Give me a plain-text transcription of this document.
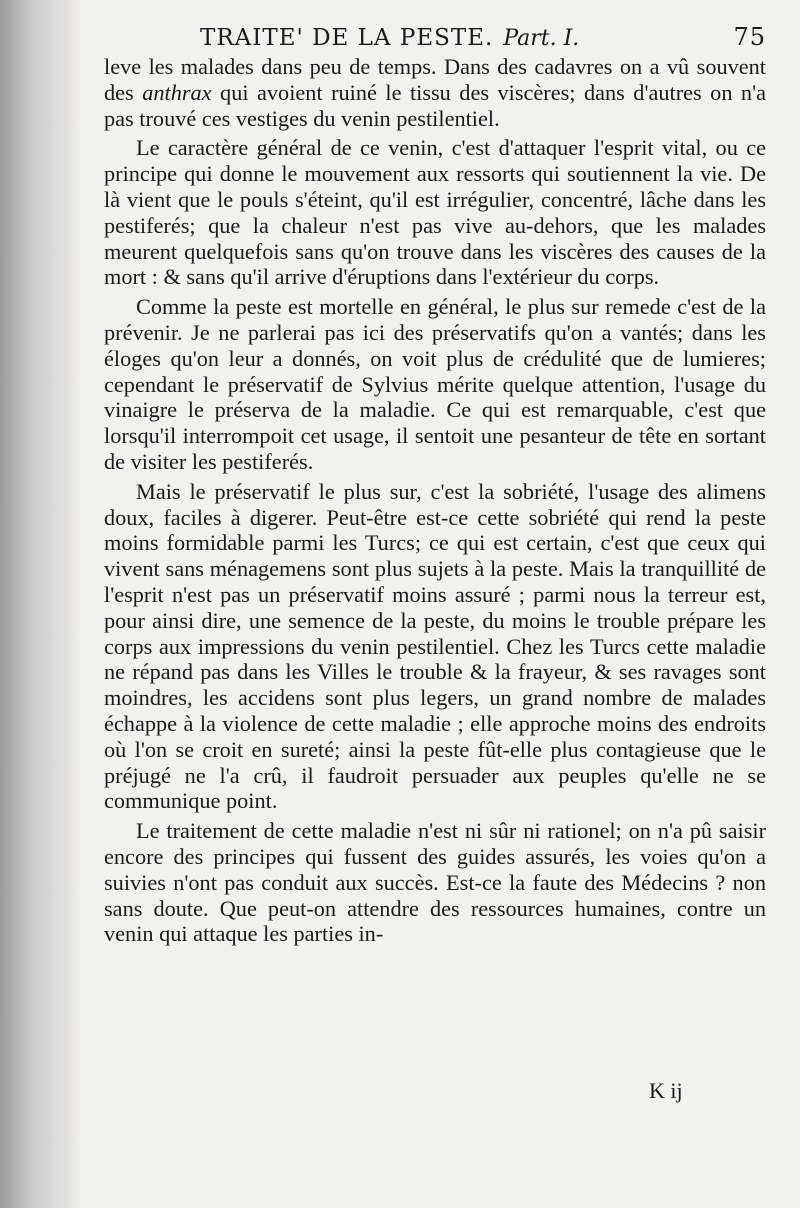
TRAITE' DE LA PESTE. Part. I.	75

leve les malades dans peu de temps. Dans des cadavres on a vû souvent des anthrax qui avoient ruiné le tissu des viscères; dans d'autres on n'a pas trouvé ces vestiges du venin pestilentiel.

Le caractère général de ce venin, c'est d'attaquer l'esprit vital, ou ce principe qui donne le mouvement aux ressorts qui soutiennent la vie. De là vient que le pouls s'éteint, qu'il est irrégulier, concentré, lâche dans les pestiferés; que la chaleur n'est pas vive au-dehors, que les malades meurent quelquefois sans qu'on trouve dans les viscères des causes de la mort : & sans qu'il arrive d'éruptions dans l'extérieur du corps.

Comme la peste est mortelle en général, le plus sur remede c'est de la prévenir. Je ne parlerai pas ici des préservatifs qu'on a vantés; dans les éloges qu'on leur a donnés, on voit plus de crédulité que de lumieres; cependant le préservatif de Sylvius mérite quelque attention, l'usage du vinaigre le préserva de la maladie. Ce qui est remarquable, c'est que lorsqu'il interrompoit cet usage, il sentoit une pesanteur de tête en sortant de visiter les pestiferés.

Mais le préservatif le plus sur, c'est la sobriété, l'usage des alimens doux, faciles à digerer. Peut-être est-ce cette sobriété qui rend la peste moins formidable parmi les Turcs; ce qui est certain, c'est que ceux qui vivent sans ménagemens sont plus sujets à la peste. Mais la tranquillité de l'esprit n'est pas un préservatif moins assuré ; parmi nous la terreur est, pour ainsi dire, une semence de la peste, du moins le trouble prépare les corps aux impressions du venin pestilentiel. Chez les Turcs cette maladie ne répand pas dans les Villes le trouble & la frayeur, & ses ravages sont moindres, les accidens sont plus legers, un grand nombre de malades échappe à la violence de cette maladie ; elle approche moins des endroits où l'on se croit en sureté; ainsi la peste fût-elle plus contagieuse que le préjugé ne l'a crû, il faudroit persuader aux peuples qu'elle ne se communique point.

Le traitement de cette maladie n'est ni sûr ni rationel; on n'a pû saisir encore des principes qui fussent des guides assurés, les voies qu'on a suivies n'ont pas conduit aux succès. Est-ce la faute des Médecins ? non sans doute. Que peut-on attendre des ressources humaines, contre un venin qui attaque les parties in-

K ij
